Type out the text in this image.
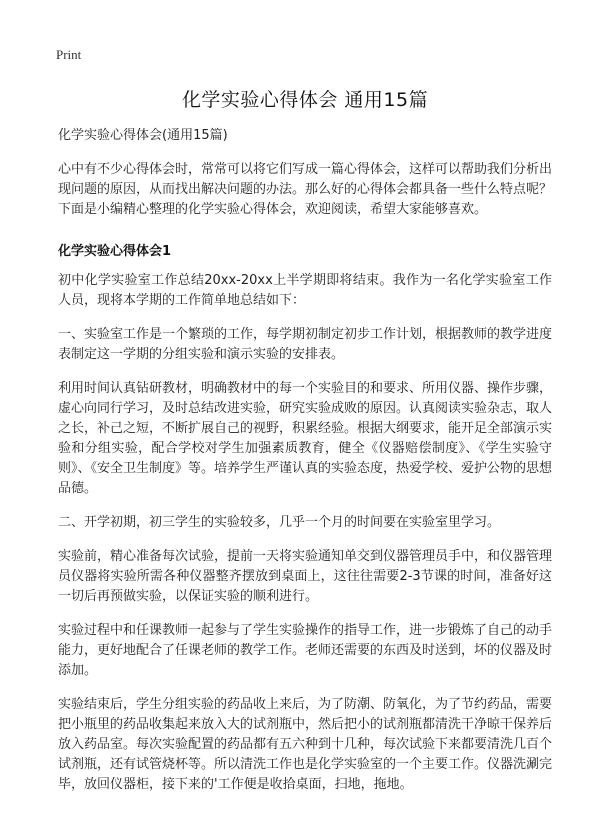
Print
化学实验心得体会 通用15篇
化学实验心得体会(通用15篇)

心中有不少心得体会时，常常可以将它们写成一篇心得体会，这样可以帮助我们分析出现问题的原因，从而找出解决问题的办法。那么好的心得体会都具备一些什么特点呢？下面是小编精心整理的化学实验心得体会，欢迎阅读，希望大家能够喜欢。

化学实验心得体会1

初中化学实验室工作总结20xx-20xx上半学期即将结束。我作为一名化学实验室工作人员，现将本学期的工作简单地总结如下：

一、实验室工作是一个繁琐的工作，每学期初制定初步工作计划，根据教师的教学进度表制定这一学期的分组实验和演示实验的安排表。

利用时间认真钻研教材，明确教材中的每一个实验目的和要求、所用仪器、操作步骤，虚心向同行学习，及时总结改进实验，研究实验成败的原因。认真阅读实验杂志，取人之长，补己之短，不断扩展自己的视野，积累经验。根据大纲要求，能开足全部演示实验和分组实验，配合学校对学生加强素质教育，健全《仪器赔偿制度》、《学生实验守则》、《安全卫生制度》等。培养学生严谨认真的实验态度，热爱学校、爱护公物的思想品德。

二、开学初期，初三学生的实验较多，几乎一个月的时间要在实验室里学习。

实验前，精心准备每次试验，提前一天将实验通知单交到仪器管理员手中，和仪器管理员仪器将实验所需各种仪器整齐摆放到桌面上，这往往需要2-3节课的时间，准备好这一切后再预做实验，以保证实验的顺利进行。

实验过程中和任课教师一起参与了学生实验操作的指导工作，进一步锻炼了自己的动手能力，更好地配合了任课老师的教学工作。老师还需要的东西及时送到，坏的仪器及时添加。

实验结束后，学生分组实验的药品收上来后，为了防潮、防氧化，为了节约药品，需要把小瓶里的药品收集起来放入大的试剂瓶中，然后把小的试剂瓶都清洗干净晾干保养后放入药品室。每次实验配置的药品都有五六种到十几种，每次试验下来都要清洗几百个试剂瓶，还有试管烧杯等。所以清洗工作也是化学实验室的一个主要工作。仪器洗涮完毕，放回仪器柜，接下来的'工作便是收拾桌面，扫地，拖地。
